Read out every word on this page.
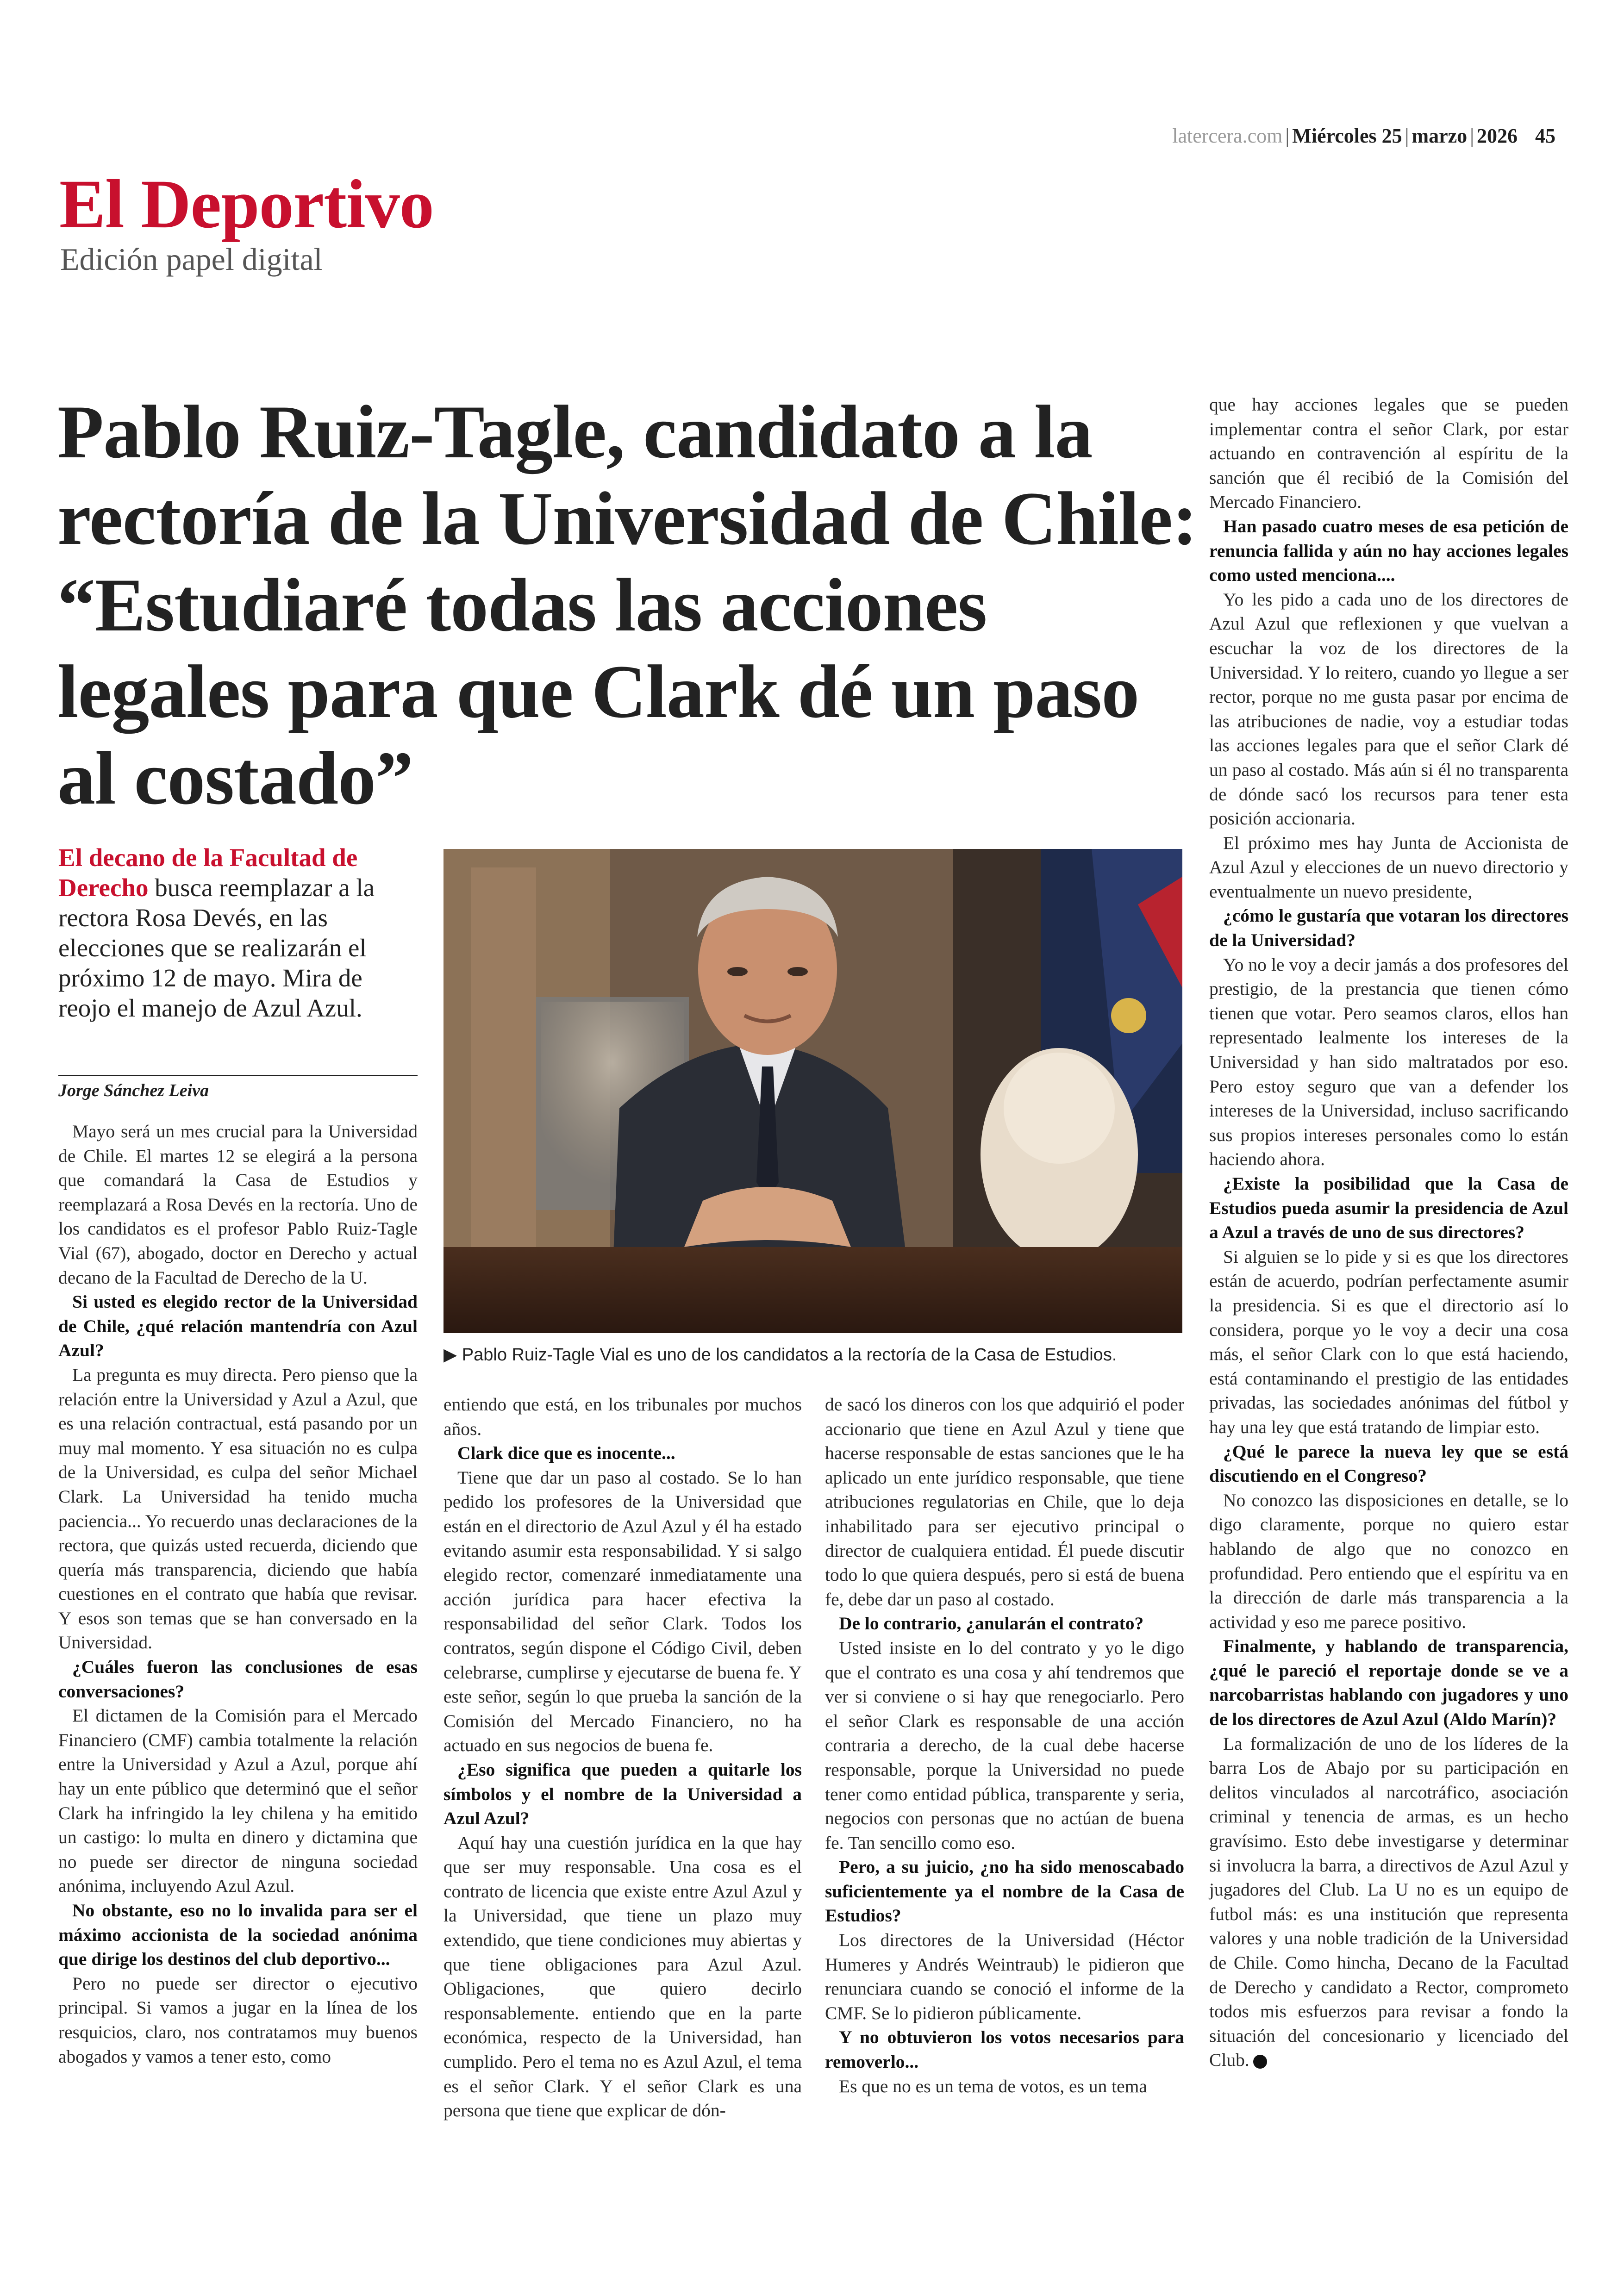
latercera.com | Miércoles 25 | marzo | 2026 45
El Deportivo
Edición papel digital
Pablo Ruiz-Tagle, candidato a la rectoría de la Universidad de Chile: “Estudiaré todas las acciones legales para que Clark dé un paso al costado”
El decano de la Facultad de Derecho busca reemplazar a la rectora Rosa Devés, en las elecciones que se realizarán el próximo 12 de mayo. Mira de reojo el manejo de Azul Azul.
Jorge Sánchez Leiva
▶ Pablo Ruiz-Tagle Vial es uno de los candidatos a la rectoría de la Casa de Estudios.

Mayo será un mes crucial para la Universidad de Chile. El martes 12 se elegirá a la persona que comandará la Casa de Estudios y reemplazará a Rosa Devés en la rectoría. Uno de los candidatos es el profesor Pablo Ruiz-Tagle Vial (67), abogado, doctor en Derecho y actual decano de la Facultad de Derecho de la U.

Si usted es elegido rector de la Universidad de Chile, ¿qué relación mantendría con Azul Azul?

La pregunta es muy directa. Pero pienso que la relación entre la Universidad y Azul a Azul, que es una relación contractual, está pasando por un muy mal momento. Y esa situación no es culpa de la Universidad, es culpa del señor Michael Clark. La Universidad ha tenido mucha paciencia... Yo recuerdo unas declaraciones de la rectora, que quizás usted recuerda, diciendo que quería más transparencia, diciendo que había cuestiones en el contrato que había que revisar. Y esos son temas que se han conversado en la Universidad.

¿Cuáles fueron las conclusiones de esas conversaciones?

El dictamen de la Comisión para el Mercado Financiero (CMF) cambia totalmente la relación entre la Universidad y Azul a Azul, porque ahí hay un ente público que determinó que el señor Clark ha infringido la ley chilena y ha emitido un castigo: lo multa en dinero y dictamina que no puede ser director de ninguna sociedad anónima, incluyendo Azul Azul.

No obstante, eso no lo invalida para ser el máximo accionista de la sociedad anónima que dirige los destinos del club deportivo...

Pero no puede ser director o ejecutivo principal. Si vamos a jugar en la línea de los resquicios, claro, nos contratamos muy buenos abogados y vamos a tener esto, como

entiendo que está, en los tribunales por muchos años.

Clark dice que es inocente...

Tiene que dar un paso al costado. Se lo han pedido los profesores de la Universidad que están en el directorio de Azul Azul y él ha estado evitando asumir esta responsabilidad. Y si salgo elegido rector, comenzaré inmediatamente una acción jurídica para hacer efectiva la responsabilidad del señor Clark. Todos los contratos, según dispone el Código Civil, deben celebrarse, cumplirse y ejecutarse de buena fe. Y este señor, según lo que prueba la sanción de la Comisión del Mercado Financiero, no ha actuado en sus negocios de buena fe.

¿Eso significa que pueden a quitarle los símbolos y el nombre de la Universidad a Azul Azul?

Aquí hay una cuestión jurídica en la que hay que ser muy responsable. Una cosa es el contrato de licencia que existe entre Azul Azul y la Universidad, que tiene un plazo muy extendido, que tiene condiciones muy abiertas y que tiene obligaciones para Azul Azul. Obligaciones, que quiero decirlo responsablemente. entiendo que en la parte económica, respecto de la Universidad, han cumplido. Pero el tema no es Azul Azul, el tema es el señor Clark. Y el señor Clark es una persona que tiene que explicar de dón-

de sacó los dineros con los que adquirió el poder accionario que tiene en Azul Azul y tiene que hacerse responsable de estas sanciones que le ha aplicado un ente jurídico responsable, que tiene atribuciones regulatorias en Chile, que lo deja inhabilitado para ser ejecutivo principal o director de cualquiera entidad. Él puede discutir todo lo que quiera después, pero si está de buena fe, debe dar un paso al costado.

De lo contrario, ¿anularán el contrato?

Usted insiste en lo del contrato y yo le digo que el contrato es una cosa y ahí tendremos que ver si conviene o si hay que renegociarlo. Pero el señor Clark es responsable de una acción contraria a derecho, de la cual debe hacerse responsable, porque la Universidad no puede tener como entidad pública, transparente y seria, negocios con personas que no actúan de buena fe. Tan sencillo como eso.

Pero, a su juicio, ¿no ha sido menoscabado suficientemente ya el nombre de la Casa de Estudios?

Los directores de la Universidad (Héctor Humeres y Andrés Weintraub) le pidieron que renunciara cuando se conoció el informe de la CMF. Se lo pidieron públicamente.

Y no obtuvieron los votos necesarios para removerlo...

Es que no es un tema de votos, es un tema

que hay acciones legales que se pueden implementar contra el señor Clark, por estar actuando en contravención al espíritu de la sanción que él recibió de la Comisión del Mercado Financiero.

Han pasado cuatro meses de esa petición de renuncia fallida y aún no hay acciones legales como usted menciona....

Yo les pido a cada uno de los directores de Azul Azul que reflexionen y que vuelvan a escuchar la voz de los directores de la Universidad. Y lo reitero, cuando yo llegue a ser rector, porque no me gusta pasar por encima de las atribuciones de nadie, voy a estudiar todas las acciones legales para que el señor Clark dé un paso al costado. Más aún si él no transparenta de dónde sacó los recursos para tener esta posición accionaria.

El próximo mes hay Junta de Accionista de Azul Azul y elecciones de un nuevo directorio y eventualmente un nuevo presidente,

¿cómo le gustaría que votaran los directores de la Universidad?

Yo no le voy a decir jamás a dos profesores del prestigio, de la prestancia que tienen cómo tienen que votar. Pero seamos claros, ellos han representado lealmente los intereses de la Universidad y han sido maltratados por eso. Pero estoy seguro que van a defender los intereses de la Universidad, incluso sacrificando sus propios intereses personales como lo están haciendo ahora.

¿Existe la posibilidad que la Casa de Estudios pueda asumir la presidencia de Azul a Azul a través de uno de sus directores?

Si alguien se lo pide y si es que los directores están de acuerdo, podrían perfectamente asumir la presidencia. Si es que el directorio así lo considera, porque yo le voy a decir una cosa más, el señor Clark con lo que está haciendo, está contaminando el prestigio de las entidades privadas, las sociedades anónimas del fútbol y hay una ley que está tratando de limpiar esto.

¿Qué le parece la nueva ley que se está discutiendo en el Congreso?

No conozco las disposiciones en detalle, se lo digo claramente, porque no quiero estar hablando de algo que no conozco en profundidad. Pero entiendo que el espíritu va en la dirección de darle más transparencia a la actividad y eso me parece positivo.

Finalmente, y hablando de transparencia, ¿qué le pareció el reportaje donde se ve a narcobarristas hablando con jugadores y uno de los directores de Azul Azul (Aldo Marín)?

La formalización de uno de los líderes de la barra Los de Abajo por su participación en delitos vinculados al narcotráfico, asociación criminal y tenencia de armas, es un hecho gravísimo. Esto debe investigarse y determinar si involucra la barra, a directivos de Azul Azul y jugadores del Club. La U no es un equipo de futbol más: es una institución que representa valores y una noble tradición de la Universidad de Chile. Como hincha, Decano de la Facultad de Derecho y candidato a Rector, comprometo todos mis esfuerzos para revisar a fondo la situación del concesionario y licenciado del Club.
